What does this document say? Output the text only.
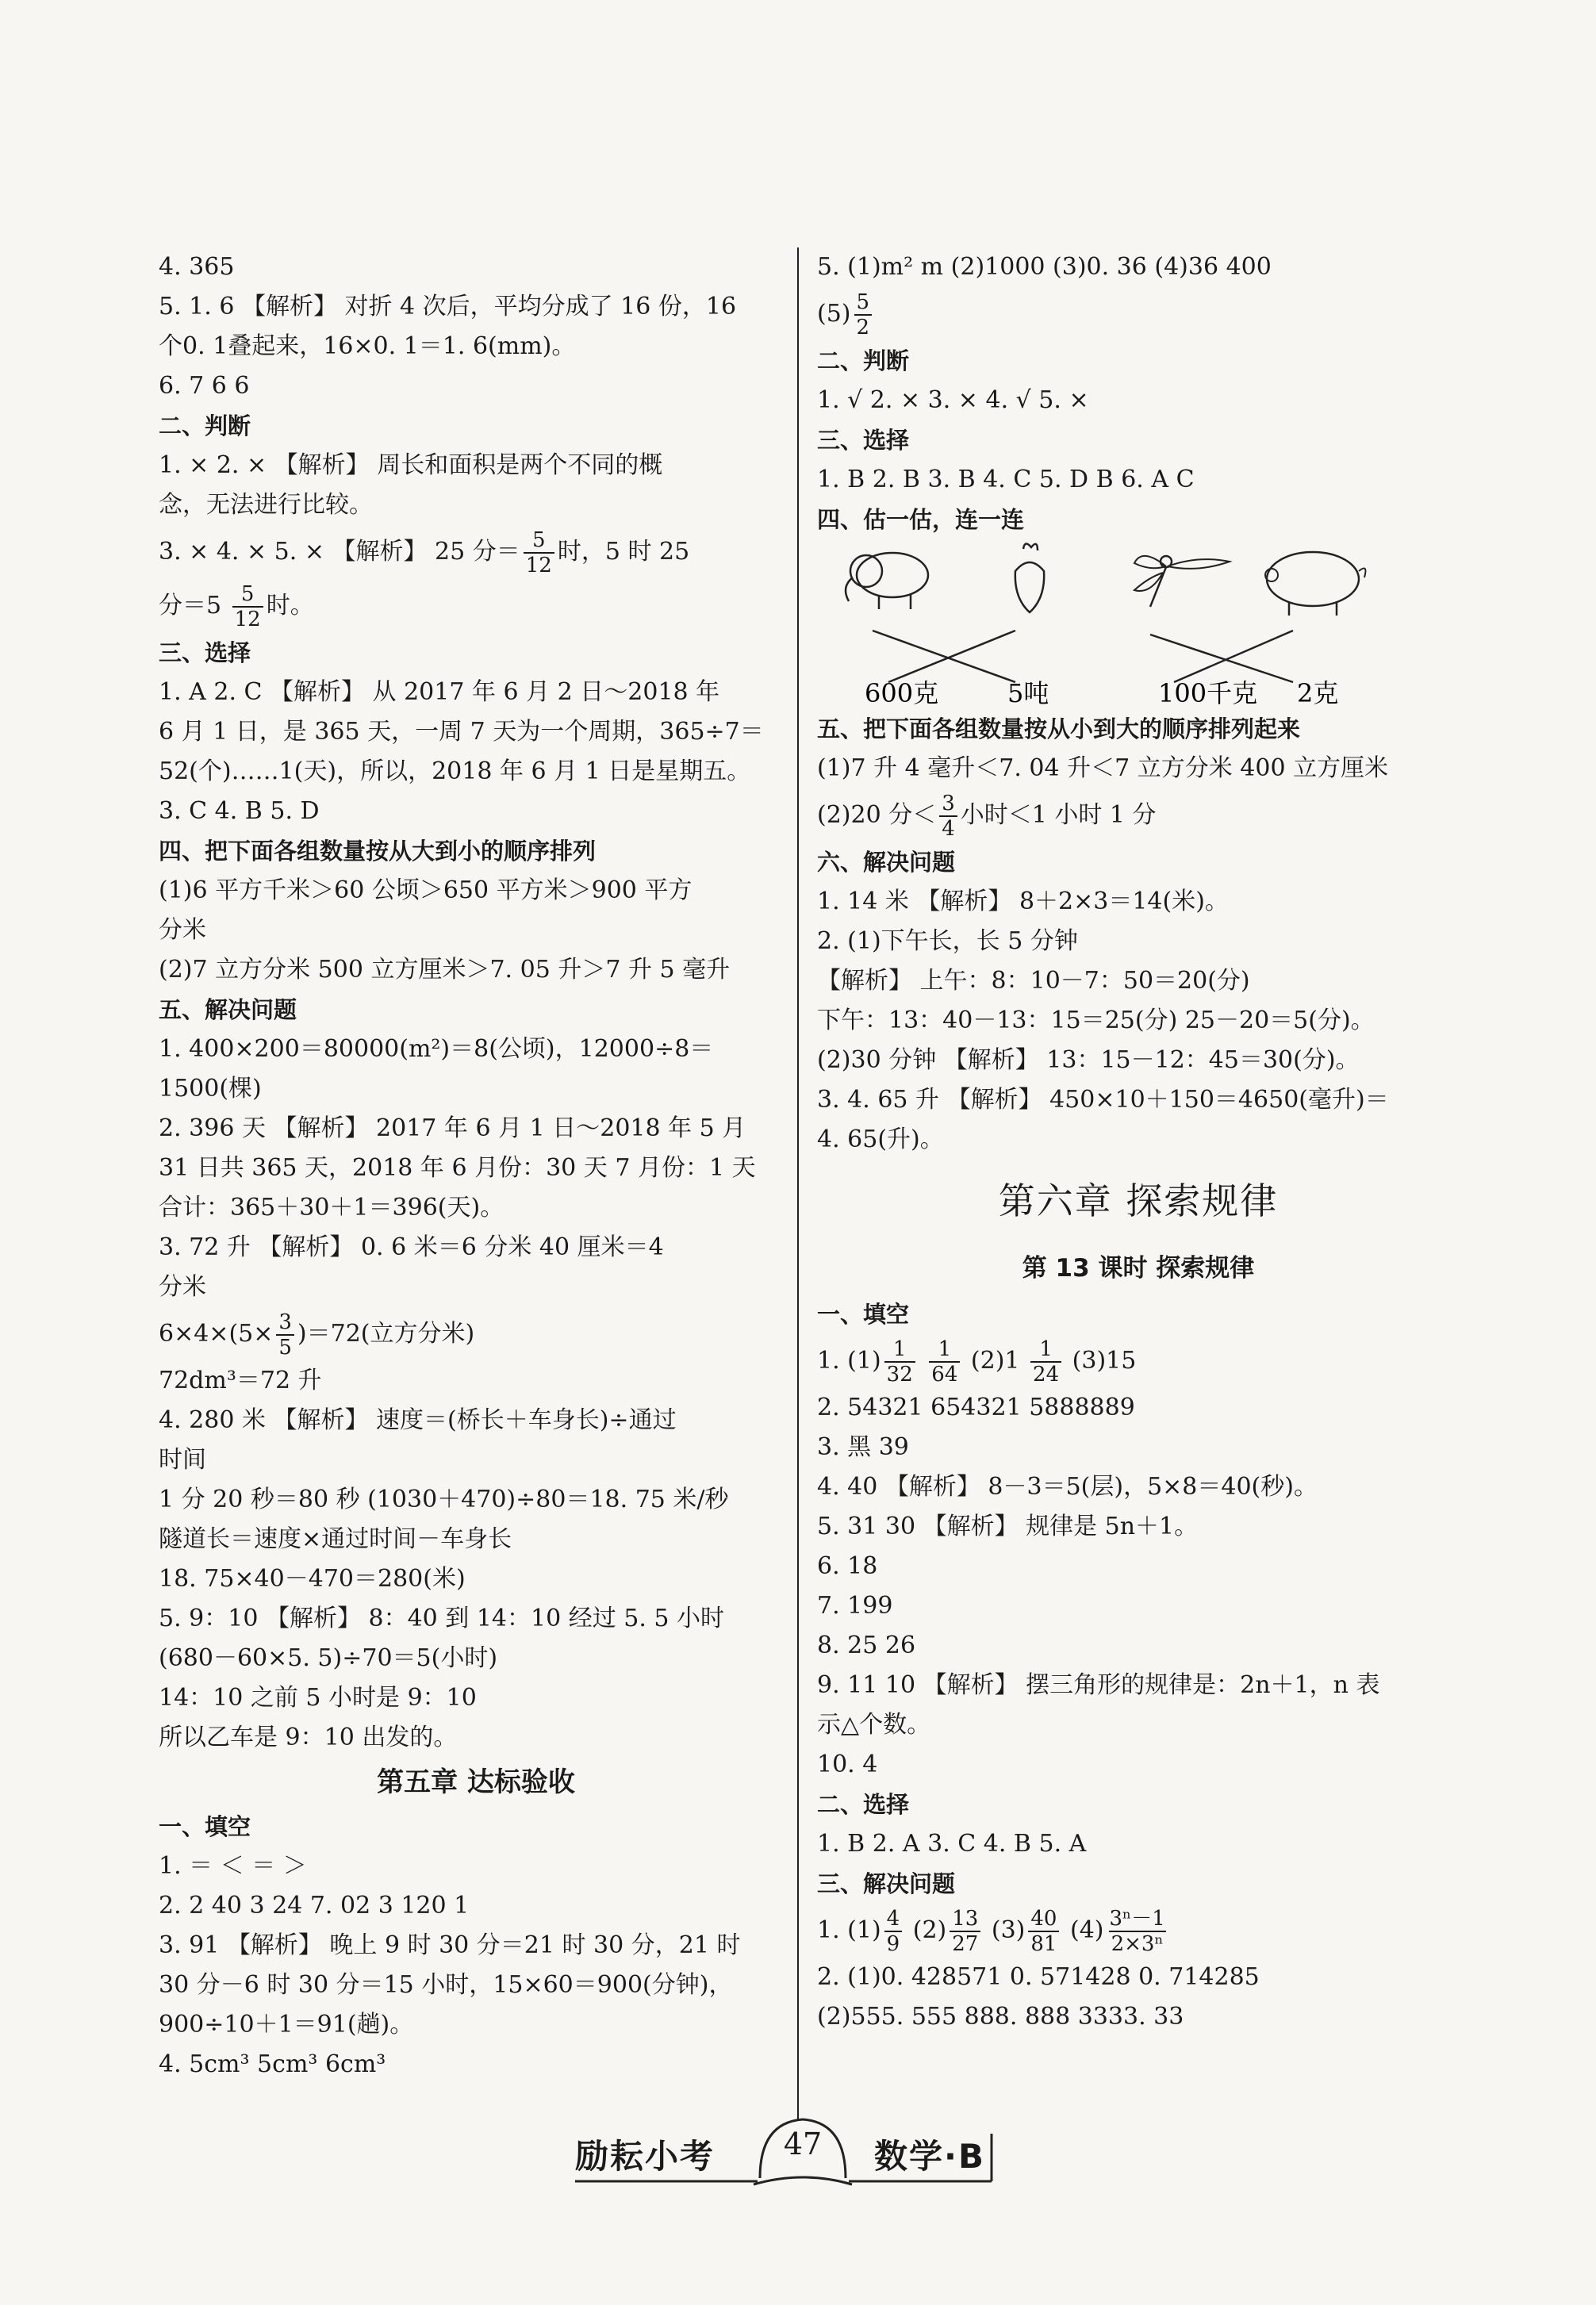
4. 365
5. 1. 6 【解析】 对折 4 次后，平均分成了 16 份，16
个0. 1叠起来，16×0. 1＝1. 6(mm)。
6. 7 6 6
二、判断
1. × 2. × 【解析】 周长和面积是两个不同的概
念，无法进行比较。
3. × 4. × 5. × 【解析】 25 分＝ $\frac{5}{12}$ 时，5 时 25
分$=5 \frac{5}{12}$ 时。
三、选择
1. A 2. C 【解析】 从 2017 年 6 月 2 日～2018 年
6 月 1 日，是 365 天，一周 7 天为一个周期，365÷7＝
52(个)……1(天)，所以，2018 年 6 月 1 日是星期五。
3. C 4. B 5. D
四、把下面各组数量按从大到小的顺序排列
(1)6 平方千米＞60 公顷＞650 平方米＞900 平方
分米
(2)7 立方分米 500 立方厘米＞7. 05 升＞7 升 5 毫升
五、解决问题
1. 400×200＝80000(m²)＝8(公顷)，12000÷8＝
1500(棵)
2. 396 天 【解析】 2017 年 6 月 1 日～2018 年 5 月
31 日共 365 天，2018 年 6 月份：30 天 7 月份：1 天
合计：365＋30＋1＝396(天)。
3. 72 升 【解析】 0. 6 米＝6 分米 40 厘米＝4
分米
$6\times 4\times(5\times \frac{3}{5} )=72$(立方分米)
72dm³＝72 升
4. 280 米 【解析】 速度＝(桥长＋车身长)÷通过
时间
1 分 20 秒＝80 秒 (1030＋470)÷80＝18. 75 米/秒
隧道长＝速度×通过时间－车身长
18. 75×40－470＝280(米)
5. 9：10 【解析】 8：40 到 14：10 经过 5. 5 小时
(680－60×5. 5)÷70＝5(小时)
14：10 之前 5 小时是 9：10
所以乙车是 9：10 出发的。
第五章 达标验收
一、填空
1. ＝ ＜ ＝ ＞
2. 2 40 3 24 7. 02 3 120 1
3. 91 【解析】 晚上 9 时 30 分＝21 时 30 分，21 时
30 分－6 时 30 分＝15 小时，15×60＝900(分钟)，
900÷10＋1＝91(趟)。
4. 5cm³ 5cm³ 6cm³
5. (1)m² m (2)1000 (3)0. 36 (4)36 400
$(5) \frac{5}{2}$
二、判断
1. √ 2. × 3. × 4. √ 5. ×
三、选择
1. B 2. B 3. B 4. C 5. D B 6. A C
四、估一估，连一连
600克	5吨	100千克 2克
五、把下面各组数量按从小到大的顺序排列起来
(1)7 升 4 毫升＜7. 04 升＜7 立方分米 400 立方厘米
(2)20 分＜ $\frac{3}{4}$ 小时＜1 小时 1 分
六、解决问题
1. 14 米 【解析】 8＋2×3＝14(米)。
2. (1)下午长，长 5 分钟
【解析】 上午：8：10－7：50＝20(分)
下午：13：40－13：15＝25(分) 25－20＝5(分)。
(2)30 分钟 【解析】 13：15－12：45＝30(分)。
3. 4. 65 升 【解析】 450×10＋150＝4650(毫升)＝
4. 65(升)。
第六章 探索规律
第 13 课时 探索规律
一、填空
1. $(1) \frac{1}{32}$
$\frac{1}{64} (2)1 \frac{1}{24} (3)15$
2. 54321 654321 5888889
3. 黑 39
4. 40 【解析】 8－3＝5(层)，5×8＝40(秒)。
5. 31 30 【解析】 规律是 5n＋1。
6. 18
7. 199
8. 25 26
9. 11 10 【解析】 摆三角形的规律是：2n＋1，n 表
示△个数。
10. 4
二、选择
1. B 2. A 3. C 4. B 5. A
三、解决问题
1. $(1) \frac{4}{9} (2) \frac{13}{27} (3) \frac{40}{81} (4) \frac{\text{3ⁿ－1}}{\text{2×3ⁿ}}$
2. (1)0. 428571 0. 571428 0. 714285
(2)555. 555 888. 888 3333. 33
励耘小考	47	数学·B
